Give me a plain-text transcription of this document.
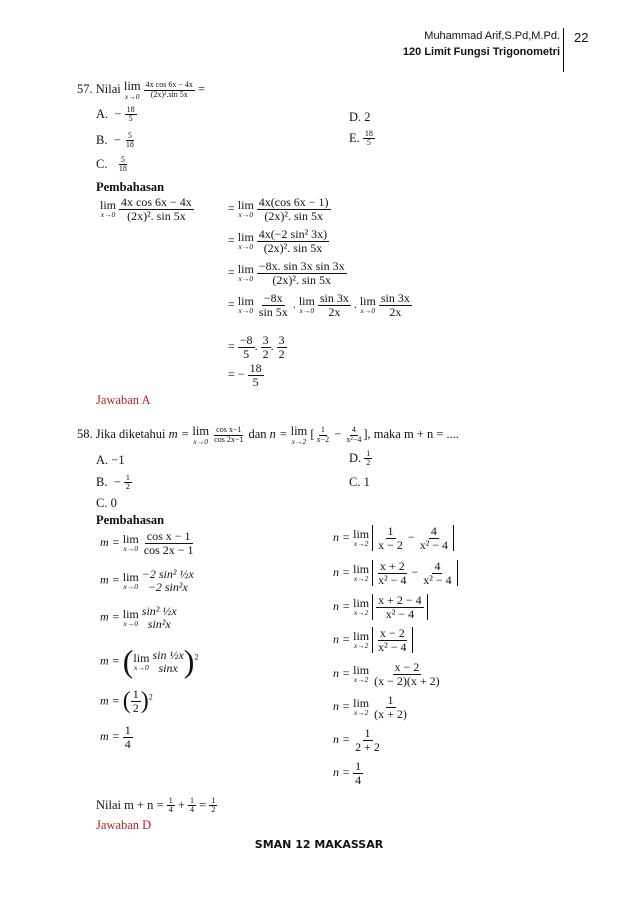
Muhammad Arif,S.Pd,M.Pd.
120 Limit Fungsi Trigonometri
22
57. Nilai lim
x→0
$\frac{\text{4x cos 6x − 4x}}{\text{(2x)².sin 5x}}$ =
A.  − $\frac{18}{5}$
B.  − $\frac{5}{18}$
C. $\frac{5}{18}$
D. 2
E. $\frac{18}{5}$
Pembahasan
lim
x→0
$\frac{\text{4x cos 6x − 4x}}{\text{(2x)². sin 5x}}$	= lim
x→0
$\frac{4x(\cos 6x - 1)}{\text{(2x)². sin 5x}}$
= lim
x→0
$\frac{\text{4x(−2 sin² 3x)}}{\text{(2x)². sin 5x}}$
= lim
x→0
$\frac{\text{−8x. sin 3x sin 3x}}{\text{(2x)². sin 5x}}$
= lim
x→0
$\frac{-8x}{\sin 5x}$ . lim
x→0
$\frac{\sin 3x}{2x}$ . lim
x→0
$\frac{\sin 3x}{2x}$
= $\frac{-8}{5}$ . $\frac{3}{2}$ . $\frac{3}{2}$
= − $\frac{18}{5}$
Jawaban A
58. Jika diketahui m = lim
x→0
$\frac{\text{cos x−1}}{\cos 2x-1}$ dan n = lim
x→2
[ $\frac{1}{x-2} - \frac{4}{\text{x²−4}}$ ], maka m + n = ....
A. −1
B.  − $\frac{1}{2}$
C. 0
D. $\frac{1}{2}$
C. 1
Pembahasan
m = lim
x→0
$\frac{\text{cos x − 1}}{\cos 2x - 1}$
m = lim
x→0

−2 sin² ½x
−2 sin²x
m = lim
x→0

sin² ½x
sin²x
m = ( lim
x→0

sin ½x
sinx )$^2$
m = ( $\frac{1}{2} )^2$
$m = \frac{1}{4}$
n = lim
x→2
$\frac{1}{x - 2} - \frac{4}{\text{x² − 4}}$
n = lim
x→2
$\frac{x + 2}{\text{x² − 4}} - \frac{4}{\text{x² − 4}}$
n = lim
x→2
$\frac{x + 2 - 4}{\text{x² − 4}}$
n = lim
x→2
$\frac{x - 2}{\text{x² − 4}}$
n = lim
x→2
$\frac{x - 2}{(x - 2)(x + 2)}$
n = lim
x→2
$\frac{1}{(x + 2)}$
$n = \frac{1}{2 + 2}$
$n = \frac{1}{4}$
Nilai $m + n = \frac{1}{4} + \frac{1}{4} = \frac{1}{2}$
Jawaban D
SMAN 12 MAKASSAR
